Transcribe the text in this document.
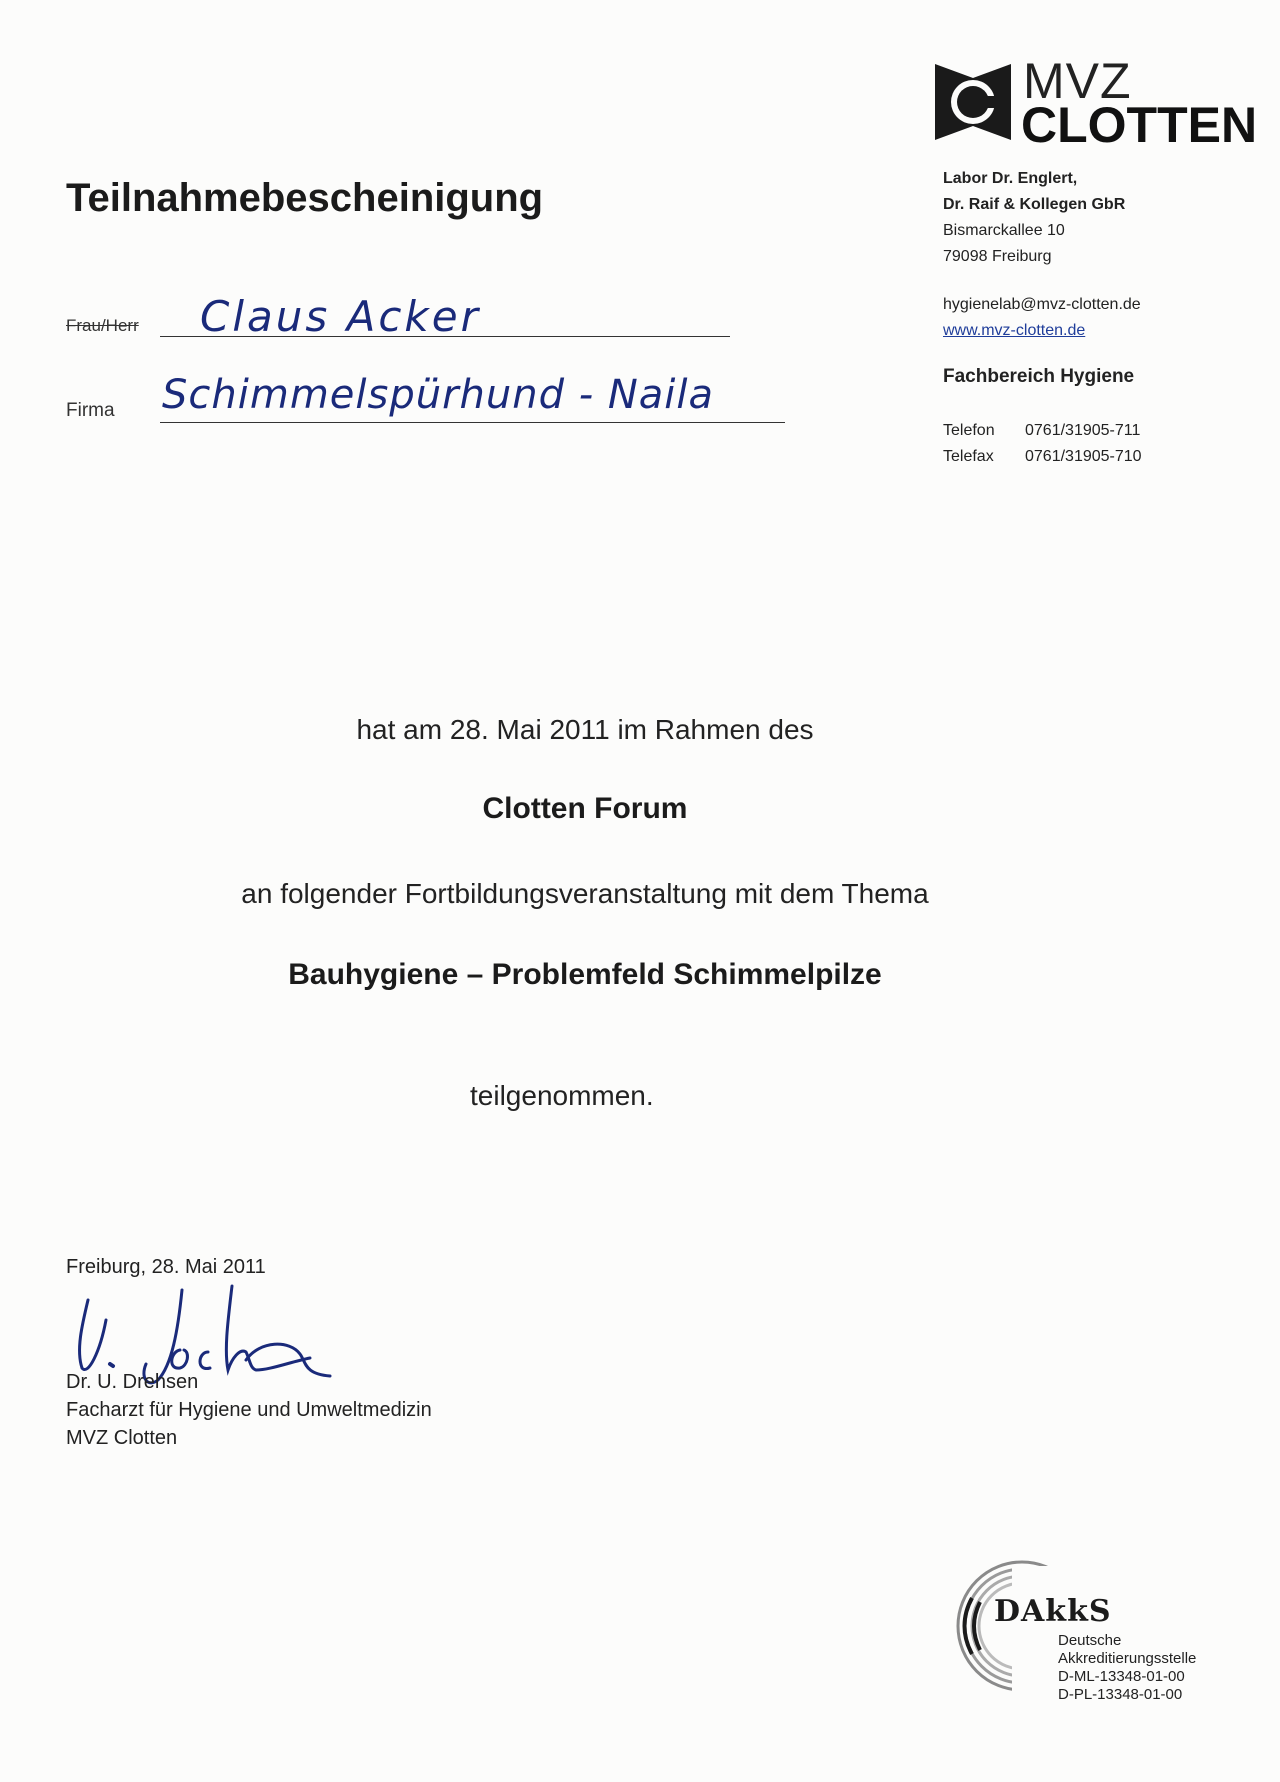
MVZ
CLOTTEN
Labor Dr. Englert,
Dr. Raif & Kollegen GbR
Bismarckallee 10
79098 Freiburg
hygienelab@mvz-clotten.de
www.mvz-clotten.de
Fachbereich Hygiene
Telefon 0761/31905-711
Telefax 0761/31905-710
Teilnahmebescheinigung
Frau/Herr Claus Acker
Firma Schimmelspürhund - Naila
hat am 28. Mai 2011 im Rahmen des
Clotten Forum
an folgender Fortbildungsveranstaltung mit dem Thema
Bauhygiene – Problemfeld Schimmelpilze
teilgenommen.
Freiburg, 28. Mai 2011
Dr. U. Drehsen
Facharzt für Hygiene und Umweltmedizin
MVZ Clotten
DAkkS
Deutsche
Akkreditierungsstelle
D-ML-13348-01-00
D-PL-13348-01-00
